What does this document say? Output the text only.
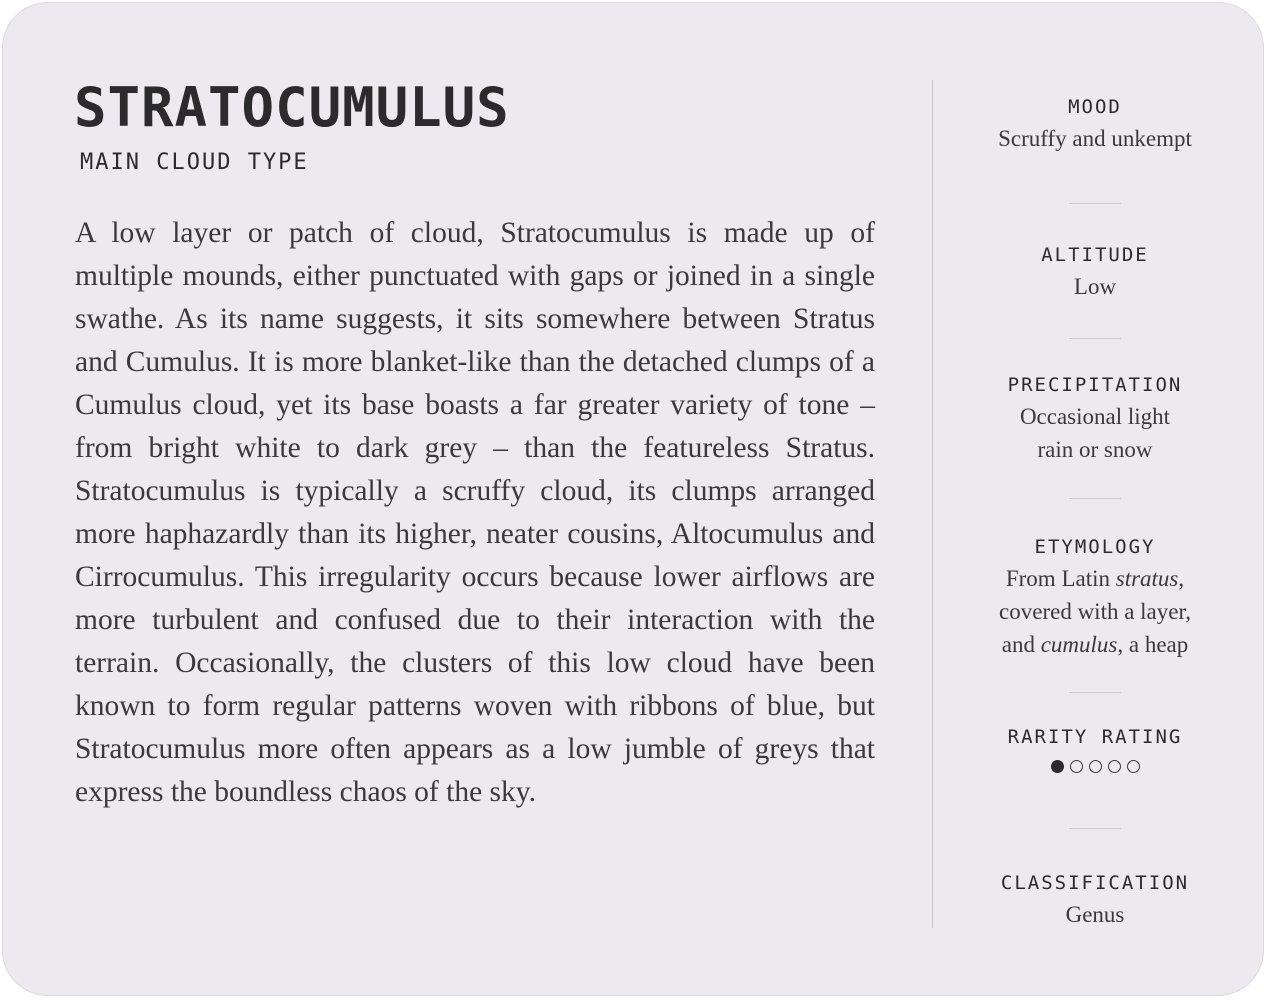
STRATOCUMULUS
MAIN CLOUD TYPE

A low layer or patch of cloud, Stratocumulus is made up of multiple mounds, either punctuated with gaps or joined in a single swathe. As its name suggests, it sits somewhere between Stratus and Cumulus. It is more blanket-like than the detached clumps of a Cumulus cloud, yet its base boasts a far greater variety of tone – from bright white to dark grey – than the featureless Stratus. Stratocumulus is typically a scruffy cloud, its clumps arranged more haphazardly than its higher, neater cousins, Altocumulus and Cirrocumulus. This irregularity occurs because lower airflows are more turbulent and confused due to their interaction with the terrain. Occasionally, the clusters of this low cloud have been known to form regular patterns woven with ribbons of blue, but Stratocumulus more often appears as a low jumble of greys that express the boundless chaos of the sky.

MOOD
Scruffy and unkempt
ALTITUDE
Low
PRECIPITATION
Occasional light
rain or snow
ETYMOLOGY
From Latin stratus,
covered with a layer,
and cumulus, a heap
RARITY RATING
CLASSIFICATION
Genus
